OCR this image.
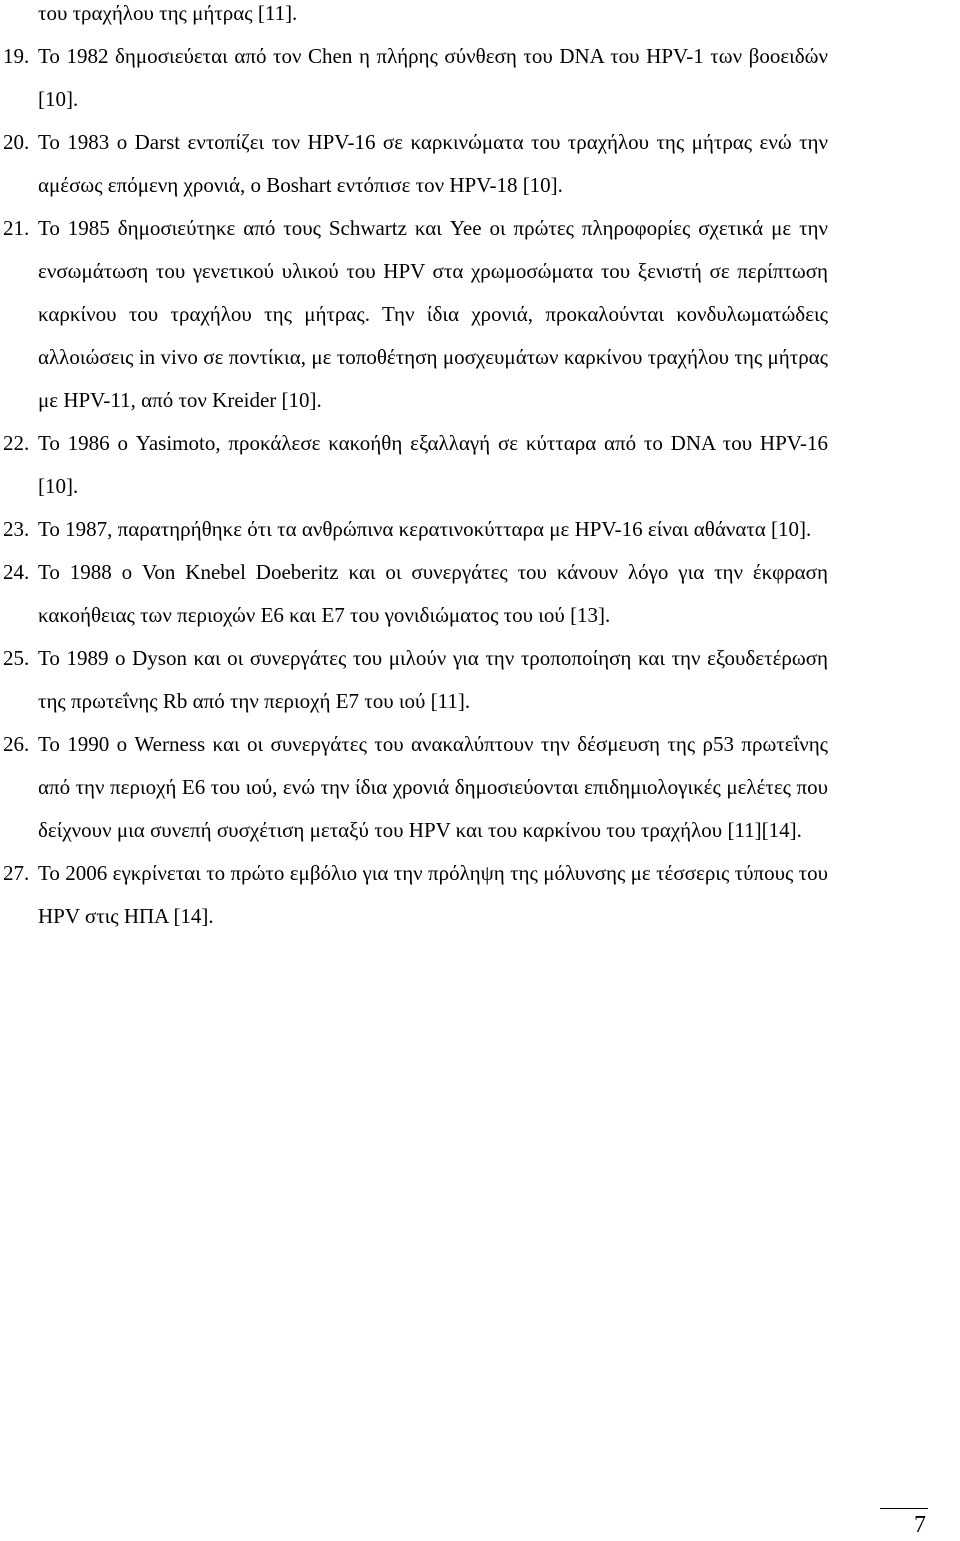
του τραχήλου της μήτρας [11].

19. Το 1982 δημοσιεύεται από τον Chen η πλήρης σύνθεση του DNA του HPV-1 των βοοειδών [10].

20. Το 1983 ο Darst εντοπίζει τον HPV-16 σε καρκινώματα του τραχήλου της μήτρας ενώ την αμέσως επόμενη χρονιά, ο Boshart εντόπισε τον HPV-18 [10].

21. Το 1985 δημοσιεύτηκε από τους Schwartz και Yee οι πρώτες πληροφορίες σχετικά με την ενσωμάτωση του γενετικού υλικού του HPV στα χρωμοσώματα του ξενιστή σε περίπτωση καρκίνου του τραχήλου της μήτρας. Την ίδια χρονιά, προκαλούνται κονδυλωματώδεις αλλοιώσεις in vivo σε ποντίκια, με τοποθέτηση μοσχευμάτων καρκίνου τραχήλου της μήτρας με HPV-11, από τον Kreider [10].

22. Το 1986 ο Yasimoto, προκάλεσε κακοήθη εξαλλαγή σε κύτταρα από το DNA του HPV-16 [10].

23. Το 1987, παρατηρήθηκε ότι τα ανθρώπινα κερατινοκύτταρα με HPV-16 είναι αθάνατα [10].

24. Το 1988 ο Von Knebel Doeberitz και οι συνεργάτες του κάνουν λόγο για την έκφραση κακοήθειας των περιοχών E6 και E7 του γονιδιώματος του ιού [13].

25. Το 1989 ο Dyson και οι συνεργάτες του μιλούν για την τροποποίηση και την εξουδετέρωση της πρωτεΐνης Rb από την περιοχή E7 του ιού [11].

26. Το 1990 ο Werness και οι συνεργάτες του ανακαλύπτουν την δέσμευση της ρ53 πρωτεΐνης από την περιοχή E6 του ιού, ενώ την ίδια χρονιά δημοσιεύονται επιδημιολογικές μελέτες που δείχνουν μια συνεπή συσχέτιση μεταξύ του HPV και του καρκίνου του τραχήλου [11][14].

27. Το 2006 εγκρίνεται το πρώτο εμβόλιο για την πρόληψη της μόλυνσης με τέσσερις τύπους του HPV στις ΗΠΑ [14].

7
